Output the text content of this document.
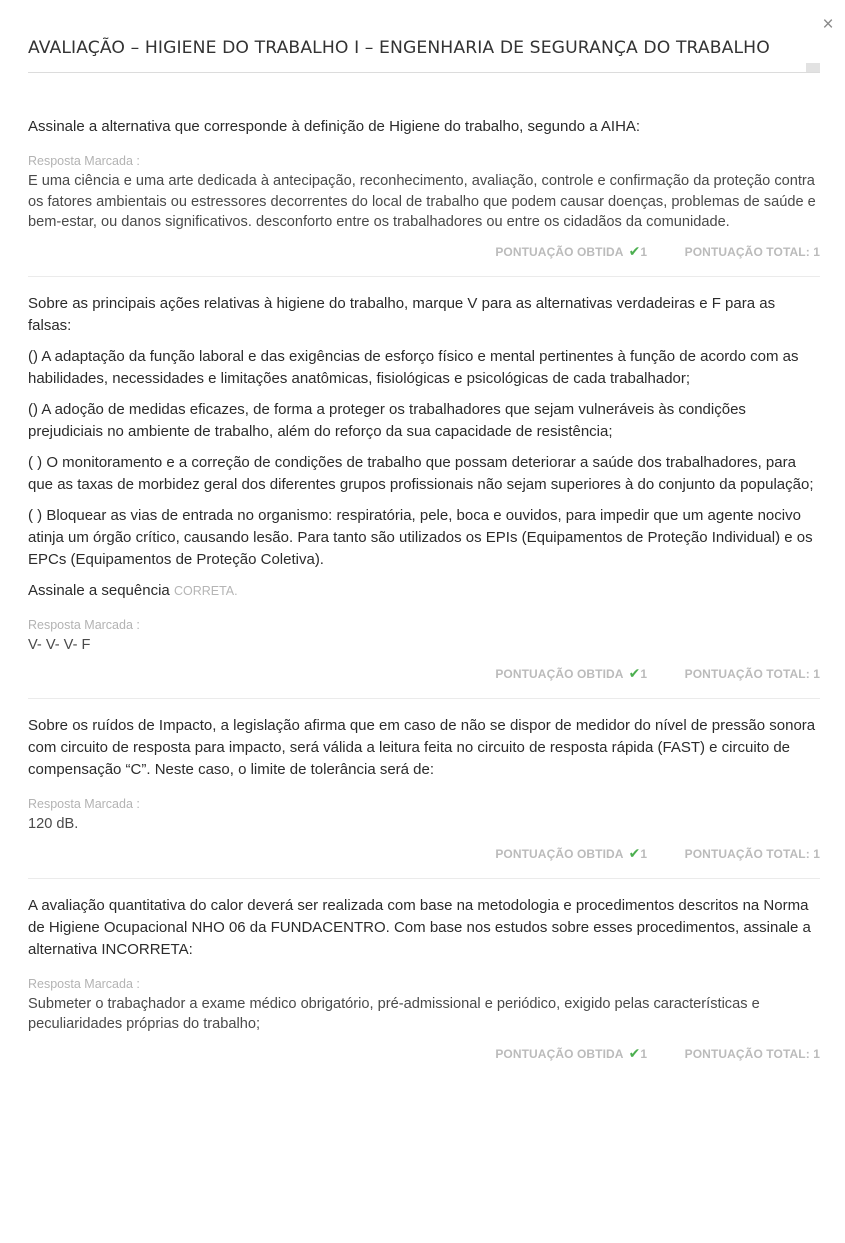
×
AVALIAÇÃO – HIGIENE DO TRABALHO I – ENGENHARIA DE SEGURANÇA DO TRABALHO

Assinale a alternativa que corresponde à definição de Higiene do trabalho, segundo a AIHA:

Resposta Marcada :
E uma ciência e uma arte dedicada à antecipação, reconhecimento, avaliação, controle e confirmação da proteção contra os fatores ambientais ou estressores decorrentes do local de trabalho que podem causar doenças, problemas de saúde e bem-estar, ou danos significativos. desconforto entre os trabalhadores ou entre os cidadãos da comunidade.
PONTUAÇÃO OBTIDA ✔1	PONTUAÇÃO TOTAL: 1

Sobre as principais ações relativas à higiene do trabalho, marque V para as alternativas verdadeiras e F para as falsas:

() A adaptação da função laboral e das exigências de esforço físico e mental pertinentes à função de acordo com as habilidades, necessidades e limitações anatômicas, fisiológicas e psicológicas de cada trabalhador;

() A adoção de medidas eficazes, de forma a proteger os trabalhadores que sejam vulneráveis às condições prejudiciais no ambiente de trabalho, além do reforço da sua capacidade de resistência;

( ) O monitoramento e a correção de condições de trabalho que possam deteriorar a saúde dos trabalhadores, para que as taxas de morbidez geral dos diferentes grupos profissionais não sejam superiores à do conjunto da população;

( ) Bloquear as vias de entrada no organismo: respiratória, pele, boca e ouvidos, para impedir que um agente nocivo atinja um órgão crítico, causando lesão. Para tanto são utilizados os EPIs (Equipamentos de Proteção Individual) e os EPCs (Equipamentos de Proteção Coletiva).

Assinale a sequência CORRETA.

Resposta Marcada :
V- V- V- F
PONTUAÇÃO OBTIDA ✔1	PONTUAÇÃO TOTAL: 1

Sobre os ruídos de Impacto, a legislação afirma que em caso de não se dispor de medidor do nível de pressão sonora com circuito de resposta para impacto, será válida a leitura feita no circuito de resposta rápida (FAST) e circuito de compensação “C”. Neste caso, o limite de tolerância será de:

Resposta Marcada :
120 dB.
PONTUAÇÃO OBTIDA ✔1	PONTUAÇÃO TOTAL: 1

A avaliação quantitativa do calor deverá ser realizada com base na metodologia e procedimentos descritos na Norma de Higiene Ocupacional NHO 06 da FUNDACENTRO. Com base nos estudos sobre esses procedimentos, assinale a alternativa INCORRETA:

Resposta Marcada :
Submeter o trabaçhador a exame médico obrigatório, pré-admissional e periódico, exigido pelas características e peculiaridades próprias do trabalho;
PONTUAÇÃO OBTIDA ✔1	PONTUAÇÃO TOTAL: 1
